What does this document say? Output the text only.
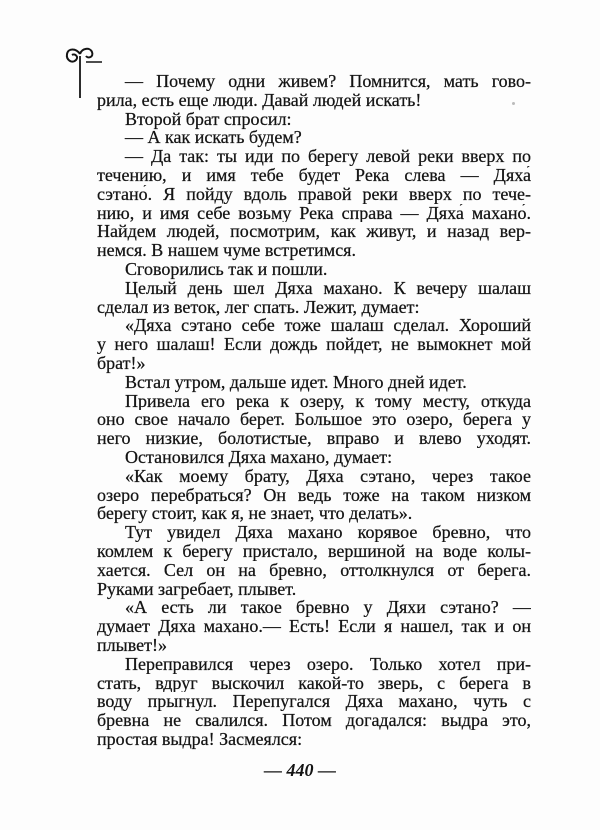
— Почему одни живем? Помнится, мать гово-
рила, есть еще люди. Давай людей искать!
Второй брат спросил:
— А как искать будем?
— Да так: ты иди по берегу левой реки вверх по
течению, и имя тебе будет Река слева — Дяха́
сэтано́. Я пойду вдоль правой реки вверх по тече-
нию, и имя себе возьму Река справа — Дяха́ махано́.
Найдем людей, посмотрим, как живут, и назад вер-
немся. В нашем чуме встретимся.
Сговорились так и пошли.
Целый день шел Дяха махано. К вечеру шалаш
сделал из веток, лег спать. Лежит, думает:
«Дяха сэтано себе тоже шалаш сделал. Хороший
у него шалаш! Если дождь пойдет, не вымокнет мой
брат!»
Встал утром, дальше идет. Много дней идет.
Привела его река к озеру, к тому месту, откуда
оно свое начало берет. Большое это озеро, берега у
него низкие, болотистые, вправо и влево уходят.
Остановился Дяха махано, думает:
«Как моему брату, Дяха сэтано, через такое
озеро перебраться? Он ведь тоже на таком низком
берегу стоит, как я, не знает, что делать».
Тут увидел Дяха махано корявое бревно, что
комлем к берегу пристало, вершиной на воде колы-
хается. Сел он на бревно, оттолкнулся от берега.
Руками загребает, плывет.
«А есть ли такое бревно у Дяхи сэтано? —
думает Дяха махано.— Есть! Если я нашел, так и он
плывет!»
Переправился через озеро. Только хотел при-
стать, вдруг выскочил какой-то зверь, с берега в
воду прыгнул. Перепугался Дяха махано, чуть с
бревна не свалился. Потом догадался: выдра это,
простая выдра! Засмеялся:
— 440 —
